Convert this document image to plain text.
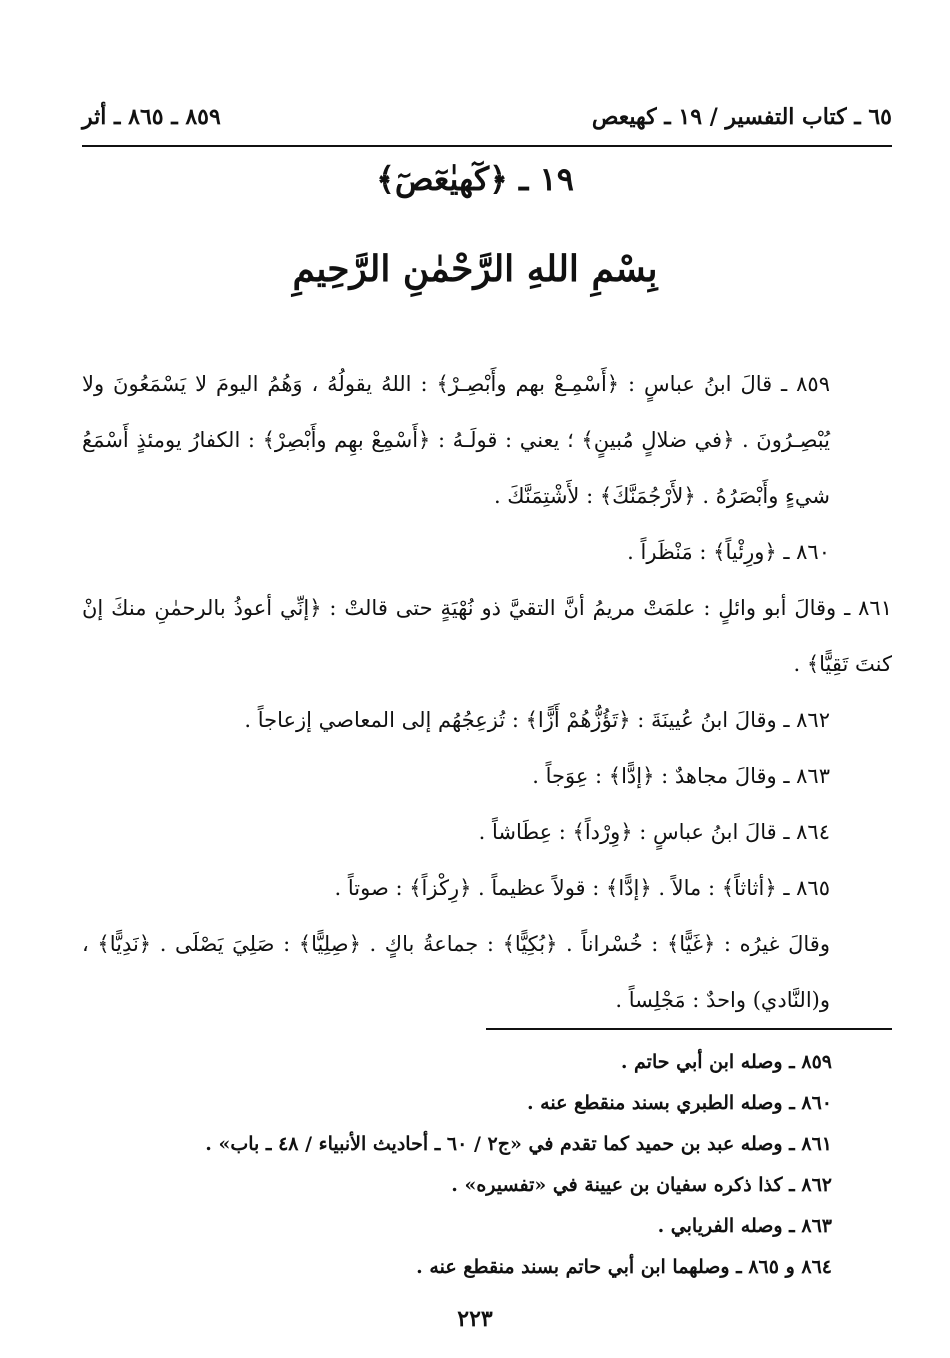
٦٥ ـ كتاب التفسير / ١٩ ـ كهيعص
٨٥٩ ـ ٨٦٥ ـ أثر
١٩ ـ ﴿كٓهيٰعٓصٓ﴾
بِسْمِ اللهِ الرَّحْمٰنِ الرَّحِيمِ

٨٥٩ ـ قالَ ابنُ عباسٍ : ﴿أَسْمِـعْ بهم وأَبْصِـرْ﴾ : اللهُ يقولُهُ ، وَهُمُ اليومَ لا يَسْمَعُونَ ولا يُبْصِـرُونَ . ﴿في ضلالٍ مُبينٍ﴾ ؛ يعني : قولَـهُ : ﴿أَسْمِعْ بهِم وأَبْصِرْ﴾ : الكفارُ يومئذٍ أَسْمَعُ شيءٍ وأَبْصَرُهُ . ﴿لأَرْجُمَنَّكَ﴾ : لأَشْتِمَنَّكَ .

٨٦٠ ـ ﴿ورِئْياً﴾ : مَنْظَراً .

٨٦١ ـ وقالَ أبو وائلٍ : علمَتْ مريمُ أنَّ التقيَّ ذو نُهْيَةٍ حتى قالتْ : ﴿إنِّي أعوذُ بالرحمٰنِ منكَ إنْ كنتَ تَقِيًّا﴾ .

٨٦٢ ـ وقالَ ابنُ عُيينَةَ : ﴿تَؤُزُّهُمْ أَزًّا﴾ : تُزعِجُهُم إلى المعاصي إزعاجاً .

٨٦٣ ـ وقالَ مجاهدٌ : ﴿إدًّا﴾ : عِوَجاً .

٨٦٤ ـ قالَ ابنُ عباسٍ : ﴿وِرْداً﴾ : عِطَاشاً .

٨٦٥ ـ ﴿أثاثاً﴾ : مالاً . ﴿إدًّا﴾ : قولاً عظيماً . ﴿رِكْزاً﴾ : صوتاً .

وقالَ غيرُه : ﴿غَيًّا﴾ : خُسْراناً . ﴿بُكِيًّا﴾ : جماعةُ باكٍ . ﴿صِلِيًّا﴾ : صَلِيَ يَصْلَى . ﴿نَدِيًّا﴾ ، و(النَّادي) واحدٌ : مَجْلِساً .

٨٥٩ ـ وصله ابن أبي حاتم .

٨٦٠ ـ وصله الطبري بسند منقطع عنه .

٨٦١ ـ وصله عبد بن حميد كما تقدم في «ج٢ / ٦٠ ـ أحاديث الأنبياء / ٤٨ ـ باب» .

٨٦٢ ـ كذا ذكره سفيان بن عيينة في «تفسيره» .

٨٦٣ ـ وصله الفريابي .

٨٦٤ و ٨٦٥ ـ وصلهما ابن أبي حاتم بسند منقطع عنه .

٢٢٣
